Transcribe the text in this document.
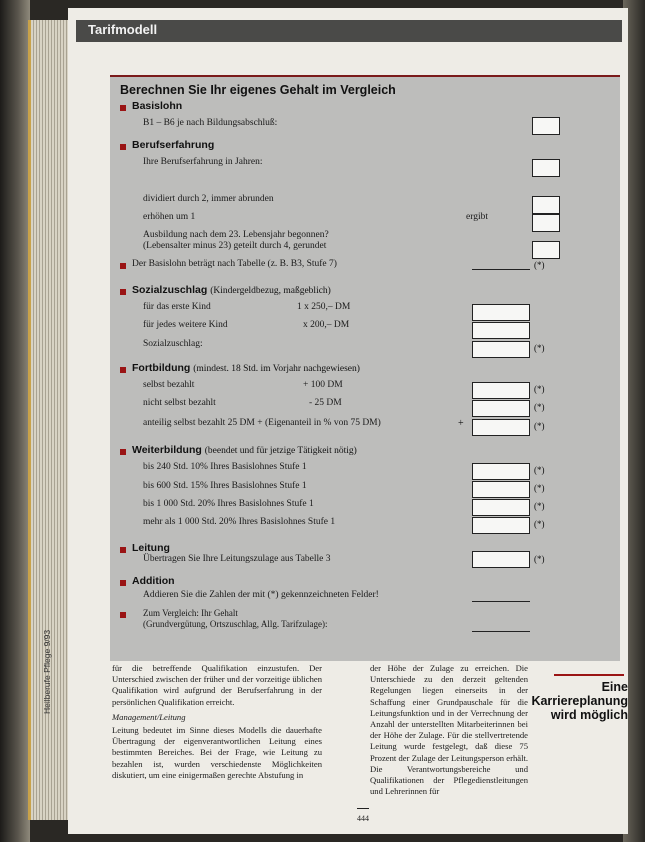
Tarifmodell
Berechnen Sie Ihr eigenes Gehalt im Vergleich
Basislohn
B1 – B6 je nach Bildungsabschluß:
Berufserfahrung
Ihre Berufserfahrung in Jahren:
dividiert durch 2, immer abrunden
erhöhen um 1	ergibt
Ausbildung nach dem 23. Lebensjahr begonnen?
(Lebensalter minus 23) geteilt durch 4, gerundet
Der Basislohn beträgt nach Tabelle (z. B. B3, Stufe 7)	(*)
Sozialzuschlag (Kindergeldbezug, maßgeblich)
für das erste Kind	1 x 250,– DM
für jedes weitere Kind	x 200,– DM
Sozialzuschlag:	(*)
Fortbildung (mindest. 18 Std. im Vorjahr nachgewiesen)
selbst bezahlt	+ 100 DM	(*)
nicht selbst bezahlt	- 25 DM	(*)
anteilig selbst bezahlt 25 DM + (Eigenanteil in % von 75 DM)	+	(*)
Weiterbildung (beendet und für jetzige Tätigkeit nötig)
bis 240 Std. 10% Ihres Basislohnes Stufe 1	(*)
bis 600 Std. 15% Ihres Basislohnes Stufe 1	(*)
bis 1 000 Std. 20% Ihres Basislohnes Stufe 1	(*)
mehr als 1 000 Std. 20% Ihres Basislohnes Stufe 1	(*)
Leitung
Übertragen Sie Ihre Leitungszulage aus Tabelle 3	(*)
Addition
Addieren Sie die Zahlen der mit (*) gekennzeichneten Felder!
Zum Vergleich: Ihr Gehalt
(Grundvergütung, Ortszuschlag, Allg. Tarifzulage):

für die betreffende Qualifikation einzustufen. Der Unterschied zwischen der früher und der vorzeitige üblichen Qualifikation wird aufgrund der Berufserfahrung in der persönlichen Qualifikation erreicht.

Management/Leitung

Leitung bedeutet im Sinne dieses Modells die dauerhafte Übertragung der eigenverantwortlichen Leitung eines bestimmten Bereiches. Bei der Frage, wie Leitung zu bezahlen ist, wurden verschiedenste Möglichkeiten diskutiert, um eine einigermaßen gerechte Abstufung in

der Höhe der Zulage zu erreichen. Die Unterschiede zu den derzeit geltenden Regelungen liegen einerseits in der Schaffung einer Grundpauschale für die Leitungsfunktion und in der Verrechnung der Anzahl der unterstellten Mitarbeiterinnen bei der Höhe der Zulage. Für die stellvertretende Leitung wurde festgelegt, daß diese 75 Prozent der Zulage der Leitungsperson erhält. Die Verantwortungsbereiche und Qualifikationen der Pflegedienstleitungen und Lehrerinnen für

Eine Karriereplanung wird möglich
Heilberufe Pflege 9/93
444
